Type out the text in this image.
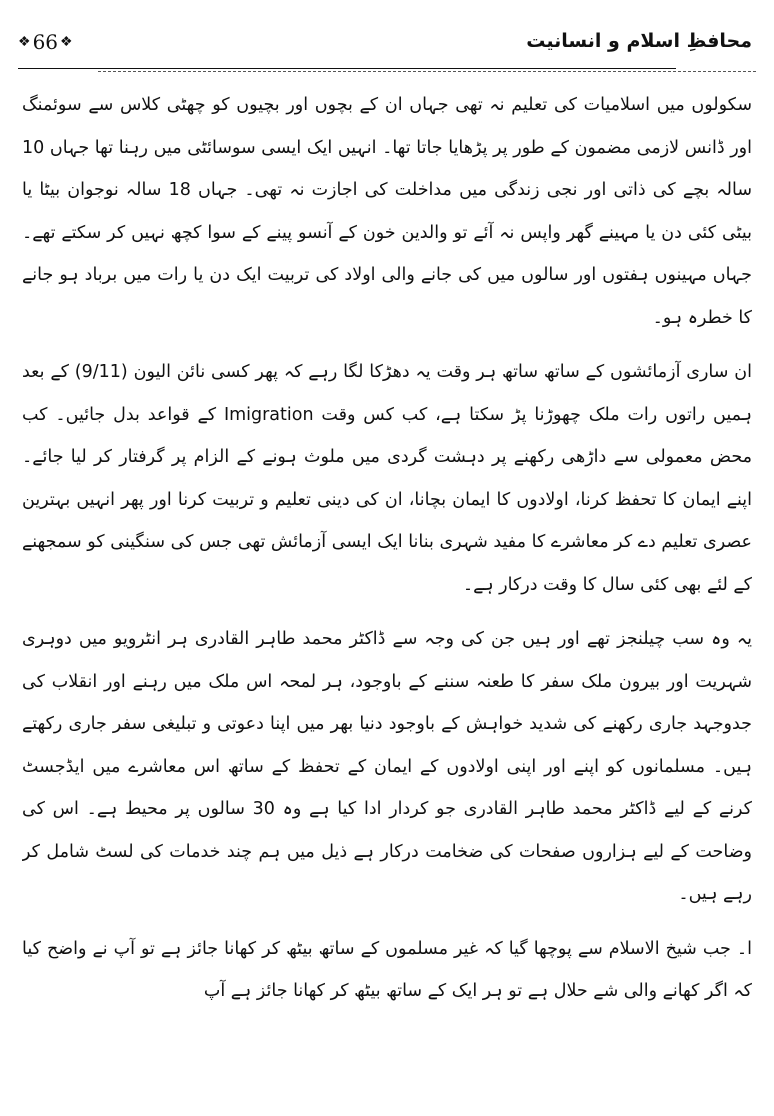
❖ 66 ❖	محافظِ اسلام و انسانیت

سکولوں میں اسلامیات کی تعلیم نہ تھی جہاں ان کے بچوں اور بچیوں کو چھٹی کلاس سے سوئمنگ اور ڈانس لازمی مضمون کے طور پر پڑھایا جاتا تھا۔ انہیں ایک ایسی سوسائٹی میں رہنا تھا جہاں 10 سالہ بچے کی ذاتی اور نجی زندگی میں مداخلت کی اجازت نہ تھی۔ جہاں 18 سالہ نوجوان بیٹا یا بیٹی کئی دن یا مہینے گھر واپس نہ آئے تو والدین خون کے آنسو پینے کے سوا کچھ نہیں کر سکتے تھے۔ جہاں مہینوں ہفتوں اور سالوں میں کی جانے والی اولاد کی تربیت ایک دن یا رات میں برباد ہو جانے کا خطرہ ہو۔

ان ساری آزمائشوں کے ساتھ ساتھ ہر وقت یہ دھڑکا لگا رہے کہ پھر کسی نائن الیون (9/11) کے بعد ہمیں راتوں رات ملک چھوڑنا پڑ سکتا ہے، کب کس وقت Imigration کے قواعد بدل جائیں۔ کب محض معمولی سے داڑھی رکھنے پر دہشت گردی میں ملوث ہونے کے الزام پر گرفتار کر لیا جائے۔ اپنے ایمان کا تحفظ کرنا، اولادوں کا ایمان بچانا، ان کی دینی تعلیم و تربیت کرنا اور پھر انہیں بہترین عصری تعلیم دے کر معاشرے کا مفید شہری بنانا ایک ایسی آزمائش تھی جس کی سنگینی کو سمجھنے کے لئے بھی کئی سال کا وقت درکار ہے۔

یہ وہ سب چیلنجز تھے اور ہیں جن کی وجہ سے ڈاکٹر محمد طاہر القادری ہر انٹرویو میں دوہری شہریت اور بیرون ملک سفر کا طعنہ سننے کے باوجود، ہر لمحہ اس ملک میں رہنے اور انقلاب کی جدوجہد جاری رکھنے کی شدید خواہش کے باوجود دنیا بھر میں اپنا دعوتی و تبلیغی سفر جاری رکھتے ہیں۔ مسلمانوں کو اپنے اور اپنی اولادوں کے ایمان کے تحفظ کے ساتھ اس معاشرے میں ایڈجسٹ کرنے کے لیے ڈاکٹر محمد طاہر القادری جو کردار ادا کیا ہے وہ 30 سالوں پر محیط ہے۔ اس کی وضاحت کے لیے ہزاروں صفحات کی ضخامت درکار ہے ذیل میں ہم چند خدمات کی لسٹ شامل کر رہے ہیں۔

ا۔ جب شیخ الاسلام سے پوچھا گیا کہ غیر مسلموں کے ساتھ بیٹھ کر کھانا جائز ہے تو آپ نے واضح کیا کہ اگر کھانے والی شے حلال ہے تو ہر ایک کے ساتھ بیٹھ کر کھانا جائز ہے آپ
